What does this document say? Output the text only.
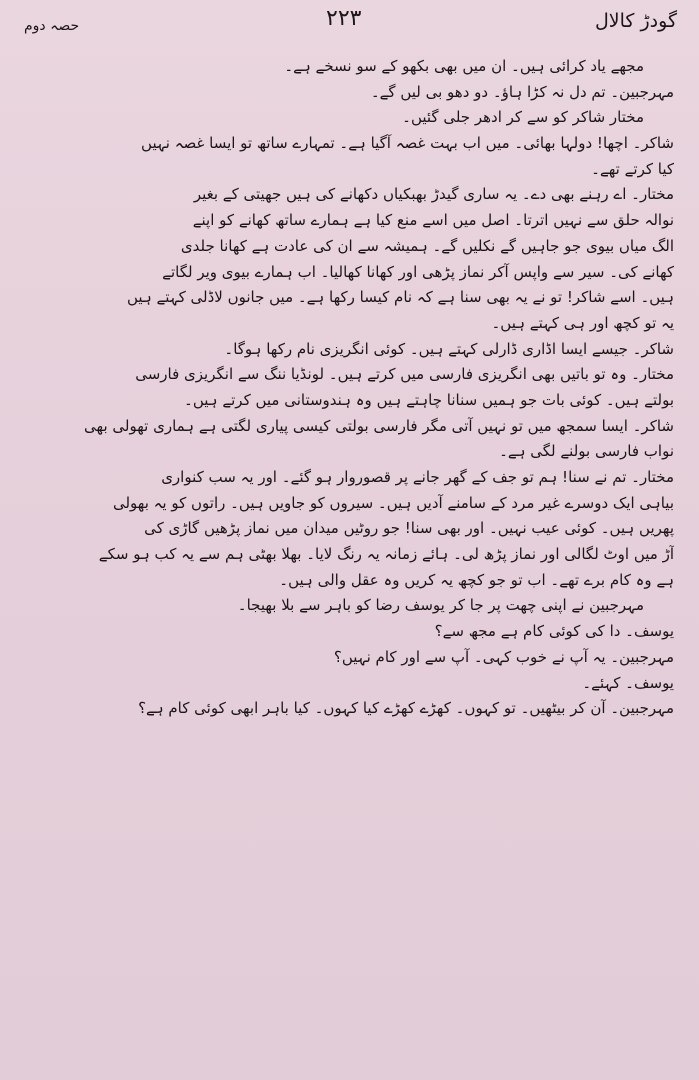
گودڑ کالال
۲۲۳
حصہ دوم
مجھے یاد کرائی ہیں۔ ان میں بھی بکھو کے سو نسخے ہے۔
مہرجبین۔ تم دل نہ کڑا ہاؤ۔ دو دھو بی لیں گے۔
مختار شاکر کو سے کر ادھر جلی گئیں۔
شاکر۔ اچھا! دولہا بھائی۔ میں اب بہت غصہ آگیا ہے۔ تمہارے ساتھ تو ایسا غصہ نہیں
کیا کرتے تھے۔
مختار۔ اے رہنے بھی دے۔ یہ ساری گیدڑ بھبکیاں دکھانے کی ہیں جھیتی کے بغیر
نوالہ حلق سے نہیں اترتا۔ اصل میں اسے منع کیا ہے ہمارے ساتھ کھانے کو اپنے
الگ میاں بیوی جو جاہیں گے نکلیں گے۔ ہمیشہ سے ان کی عادت ہے کھانا جلدی
کھانے کی۔ سیر سے واپس آکر نماز پڑھی اور کھانا کھالیا۔ اب ہمارے بیوی ویر لگاتے
ہیں۔ اسے شاکر! تو نے یہ بھی سنا ہے کہ نام کیسا رکھا ہے۔ میں جانوں لاڈلی کہتے ہیں
یہ تو کچھ اور ہی کہتے ہیں۔
شاکر۔ جیسے ایسا اڈاری ڈارلی کہتے ہیں۔ کوئی انگریزی نام رکھا ہوگا۔
مختار۔ وہ تو باتیں بھی انگریزی فارسی میں کرتے ہیں۔ لونڈیا ننگ سے انگریزی فارسی
بولتے ہیں۔ کوئی بات جو ہمیں سنانا چاہتے ہیں وہ ہندوستانی میں کرتے ہیں۔
شاکر۔ ایسا سمجھ میں تو نہیں آتی مگر فارسی بولتی کیسی پیاری لگتی ہے ہماری تھولی بھی
نواب فارسی بولنے لگی ہے۔
مختار۔ تم نے سنا! ہم تو جف کے گھر جانے پر قصوروار ہو گئے۔ اور یہ سب کنواری
بیاہی ایک دوسرے غیر مرد کے سامنے آدیں ہیں۔ سیروں کو جاویں ہیں۔ راتوں کو یہ بھولی
پھریں ہیں۔ کوئی عیب نہیں۔ اور بھی سنا! جو روٹیں میدان میں نماز پڑھیں گاڑی کی
آڑ میں اوٹ لگالی اور نماز پڑھ لی۔ ہائے زمانہ یہ رنگ لایا۔ بھلا بھٹی ہم سے یہ کب ہو سکے
ہے وہ کام برے تھے۔ اب تو جو کچھ یہ کریں وہ عقل والی ہیں۔
مہرجبین نے اپنی چھت پر جا کر یوسف رضا کو باہر سے بلا بھیجا۔
یوسف۔ دا کی کوئی کام ہے مجھ سے؟
مہرجبین۔ یہ آپ نے خوب کہی۔ آپ سے اور کام نہیں؟
یوسف۔ کہئے۔
مہرجبین۔ آن کر بیٹھیں۔ تو کہوں۔ کھڑے کھڑے کیا کہوں۔ کیا باہر ابھی کوئی کام ہے؟
